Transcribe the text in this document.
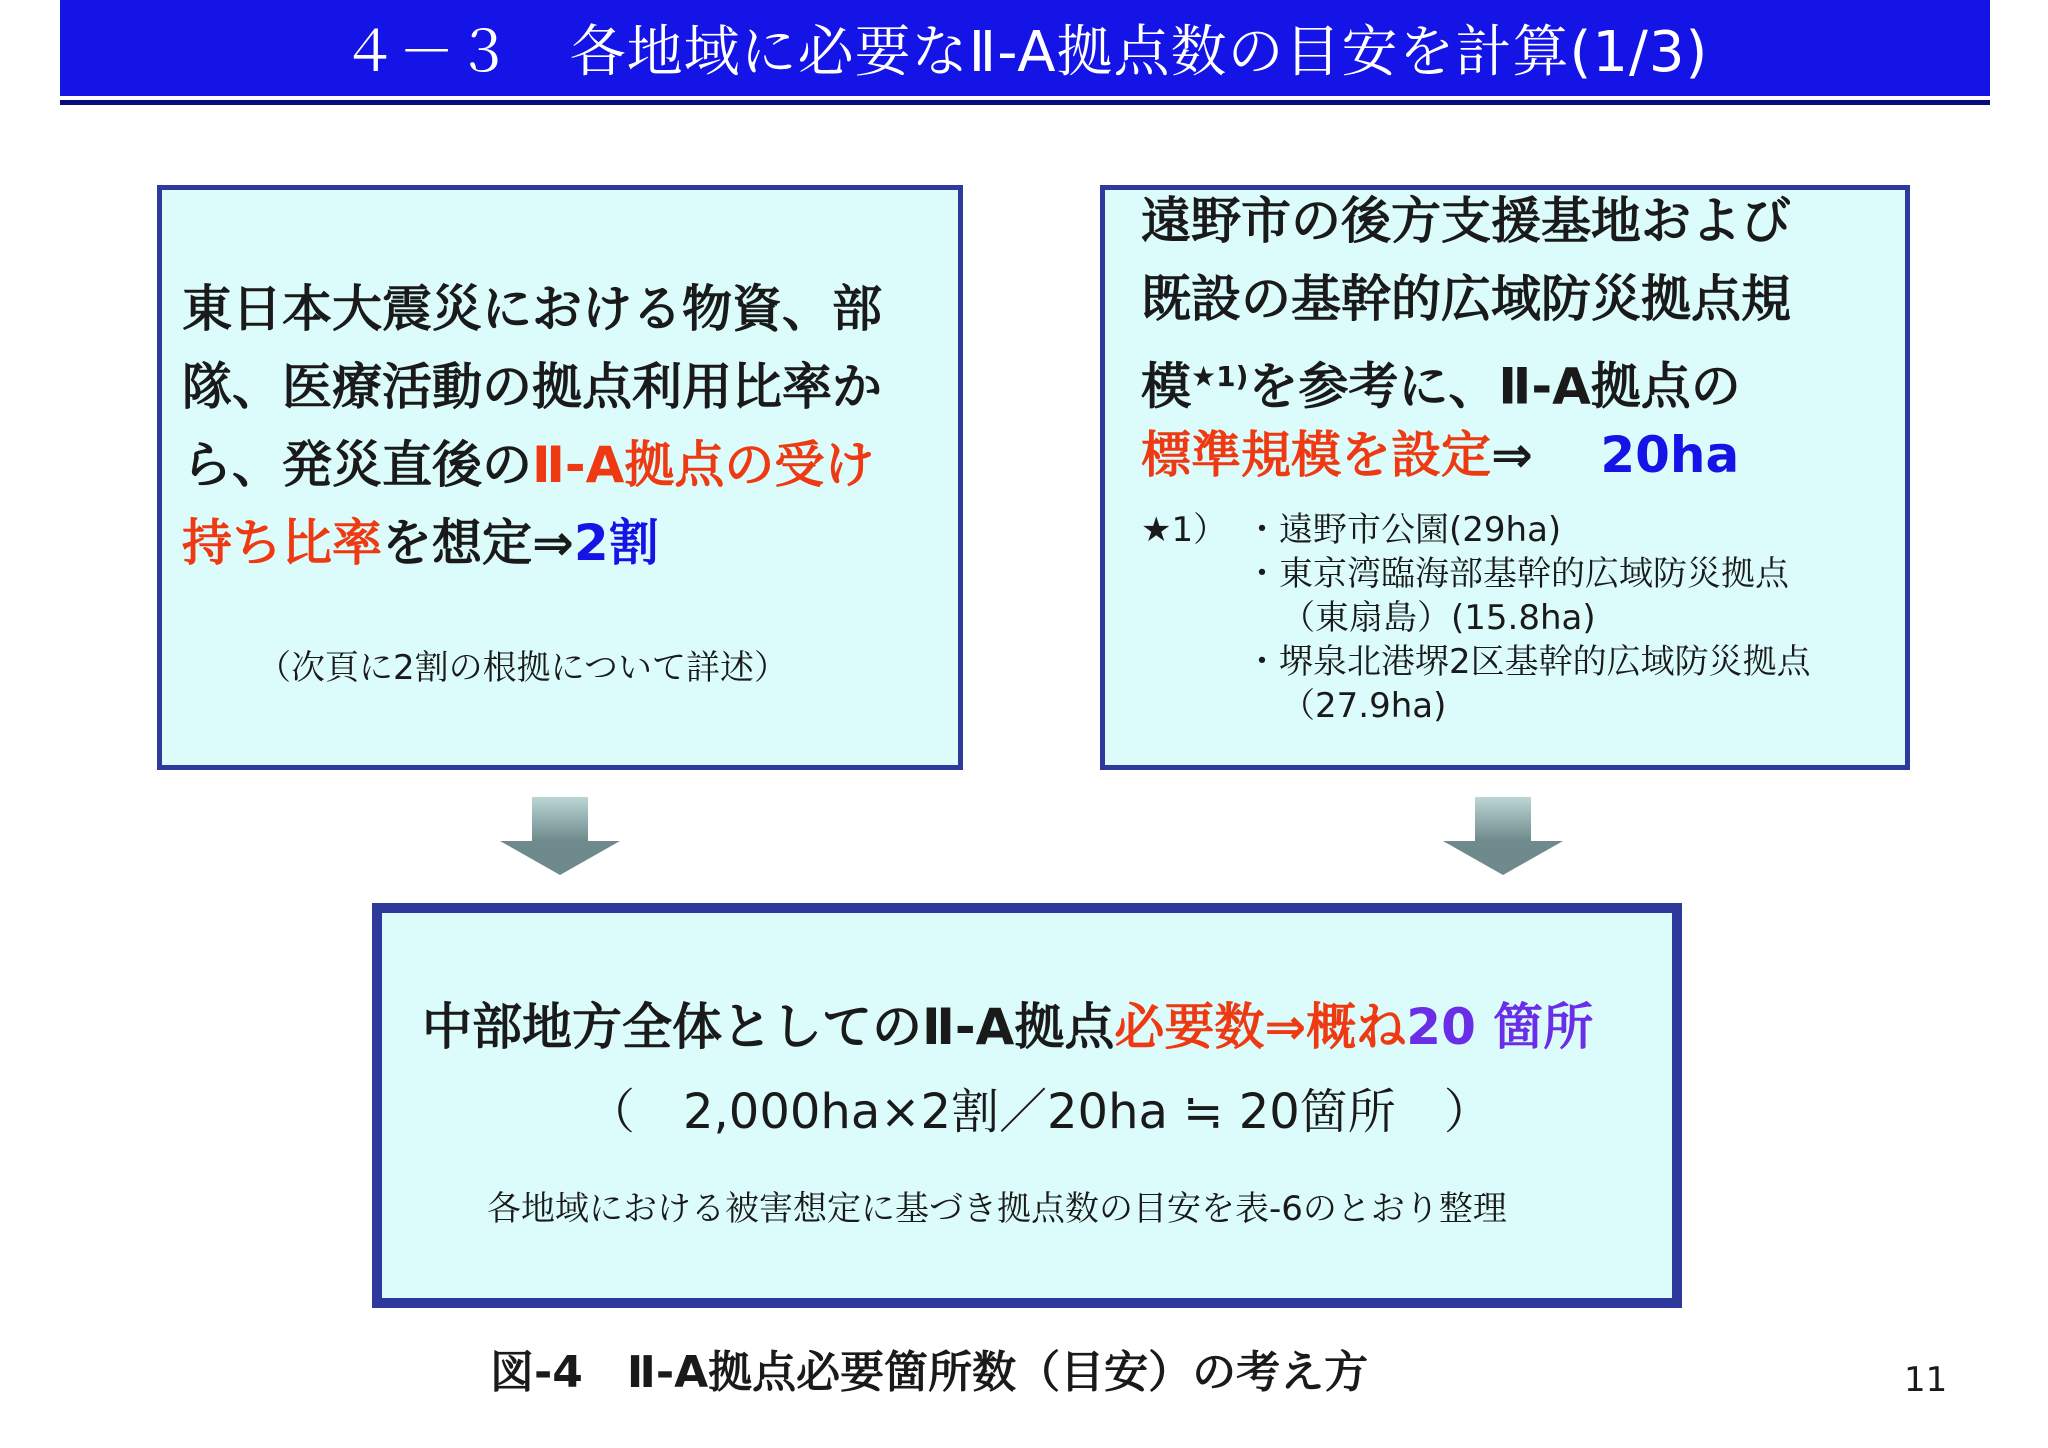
４－３　各地域に必要なⅡ-A拠点数の目安を計算(1/3)
東日本大震災における物資、部
隊、医療活動の拠点利用比率か
ら、発災直後のⅡ-A拠点の受け
持ち比率を想定⇒2割
（次頁に2割の根拠について詳述）
遠野市の後方支援基地および
既設の基幹的広域防災拠点規
模$^{★1)}$を参考に、Ⅱ-A拠点の
標準規模を設定⇒ 　20ha
★1） ・遠野市公園(29ha)
・東京湾臨海部基幹的広域防災拠点
（東扇島）(15.8ha)
・堺泉北港堺2区基幹的広域防災拠点
（27.9ha)
中部地方全体としてのⅡ-A拠点必要数⇒概ね20 箇所
（　2,000ha×2割／20ha ≒ 20箇所　）
各地域における被害想定に基づき拠点数の目安を表-6のとおり整理
図-4　Ⅱ-A拠点必要箇所数（目安）の考え方	11
